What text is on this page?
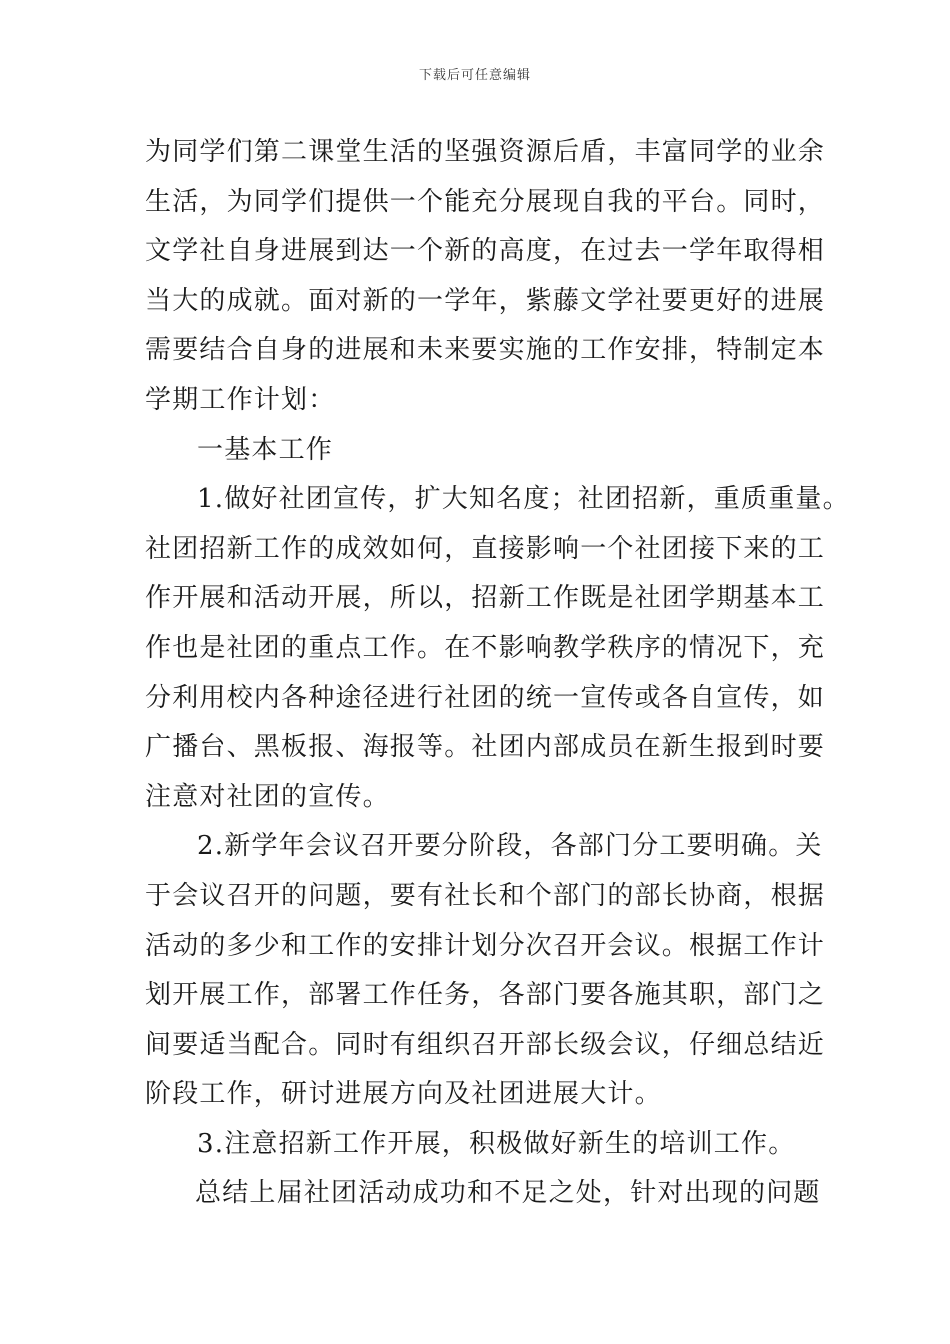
下载后可任意编辑
为同学们第二课堂生活的坚强资源后盾，丰富同学的业余
生活，为同学们提供一个能充分展现自我的平台。同时，
文学社自身进展到达一个新的高度，在过去一学年取得相
当大的成就。面对新的一学年，紫藤文学社要更好的进展
需要结合自身的进展和未来要实施的工作安排，特制定本
学期工作计划：
一基本工作
1.做好社团宣传，扩大知名度；社团招新，重质重量。
社团招新工作的成效如何，直接影响一个社团接下来的工
作开展和活动开展，所以，招新工作既是社团学期基本工
作也是社团的重点工作。在不影响教学秩序的情况下，充
分利用校内各种途径进行社团的统一宣传或各自宣传，如
广播台、黑板报、海报等。社团内部成员在新生报到时要
注意对社团的宣传。
2.新学年会议召开要分阶段，各部门分工要明确。关
于会议召开的问题，要有社长和个部门的部长协商，根据
活动的多少和工作的安排计划分次召开会议。根据工作计
划开展工作，部署工作任务，各部门要各施其职，部门之
间要适当配合。同时有组织召开部长级会议，仔细总结近
阶段工作，研讨进展方向及社团进展大计。
3.注意招新工作开展，积极做好新生的培训工作。
总结上届社团活动成功和不足之处，针对出现的问题
